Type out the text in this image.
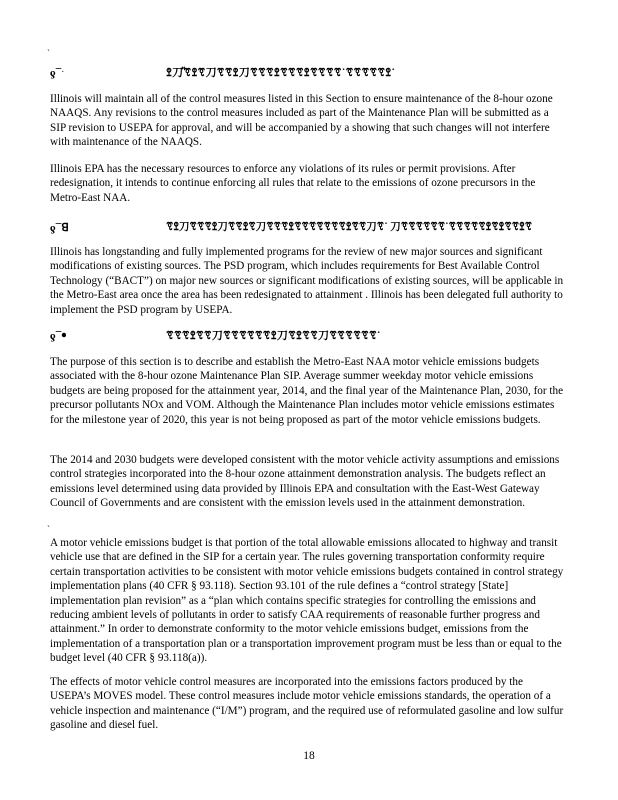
ˎ
ƍ¯ˑ	ꖶ刀ꙵꗦꖶꗦ刀ꗦꗦꖶ刀ꗦꗦꗦꖶꗦꗦꗦꖶꗦꗦꗦꗦ˙ꗦꗦꗦꗦꗦꖶ˙

Illinois will maintain all of the control measures listed in this Section to ensure maintenance of the 8-hour ozone NAAQS. Any revisions to the control measures included as part of the Maintenance Plan will be submitted as a SIP revision to USEPA for approval, and will be accompanied by a showing that such changes will not interfere with maintenance of the NAAQS.

Illinois EPA has the necessary resources to enforce any violations of its rules or permit provisions. After redesignation, it intends to continue enforcing all rules that relate to the emissions of ozone precursors in the Metro-East NAA.

ƍ¯ꓭ	ꗦꖶ刀ꗦꗦꗦꖶ刀ꗦꗦꖶꗦ刀ꗦꗦꗦꖶꗦꗦꗦꗦꗦꗦꗦꖶꗦꗦ刀ꗦ˙ 刀ꗦꗦꗦꗦꗦꗦ˙ꗦꗦꗦꗦꗦꖶꗦꖶꗦꗦꖶꗦ

Illinois has longstanding and fully implemented programs for the review of new major sources and significant modifications of existing sources. The PSD program, which includes requirements for Best Available Control Technology (“BACT”) on major new sources or significant modifications of existing sources, will be applicable in the Metro-East area once the area has been redesignated to attainment . Illinois has been delegated full authority to implement the PSD program by USEPA.

ƍ¯ꔷ	ꗦꗦꗦꖶꗦꗦ刀ꗦꗦꗦꗦꗦꗦꖶ刀ꗦꖶꗦꗦ刀ꗦꗦꗦꗦꗦꗦ˙

The purpose of this section is to describe and establish the Metro-East NAA motor vehicle emissions budgets associated with the 8-hour ozone Maintenance Plan SIP. Average summer weekday motor vehicle emissions budgets are being proposed for the attainment year, 2014, and the final year of the Maintenance Plan, 2030, for the precursor pollutants NOx and VOM. Although the Maintenance Plan includes motor vehicle emissions estimates for the milestone year of 2020, this year is not being proposed as part of the motor vehicle emissions budgets.

The 2014 and 2030 budgets were developed consistent with the motor vehicle activity assumptions and emissions control strategies incorporated into the 8-hour ozone attainment demonstration analysis. The budgets reflect an emissions level determined using data provided by Illinois EPA and consultation with the East-West Gateway Council of Governments and are consistent with the emission levels used in the attainment demonstration.

ˎ

A motor vehicle emissions budget is that portion of the total allowable emissions allocated to highway and transit vehicle use that are defined in the SIP for a certain year. The rules governing transportation conformity require certain transportation activities to be consistent with motor vehicle emissions budgets contained in control strategy implementation plans (40 CFR § 93.118). Section 93.101 of the rule defines a “control strategy [State] implementation plan revision” as a “plan which contains specific strategies for controlling the emissions and reducing ambient levels of pollutants in order to satisfy CAA requirements of reasonable further progress and attainment.” In order to demonstrate conformity to the motor vehicle emissions budget, emissions from the implementation of a transportation plan or a transportation improvement program must be less than or equal to the budget level (40 CFR § 93.118(a)).

The effects of motor vehicle control measures are incorporated into the emissions factors produced by the USEPA’s MOVES model. These control measures include motor vehicle emissions standards, the operation of a vehicle inspection and maintenance (“I/M”) program, and the required use of reformulated gasoline and low sulfur gasoline and diesel fuel.

18
